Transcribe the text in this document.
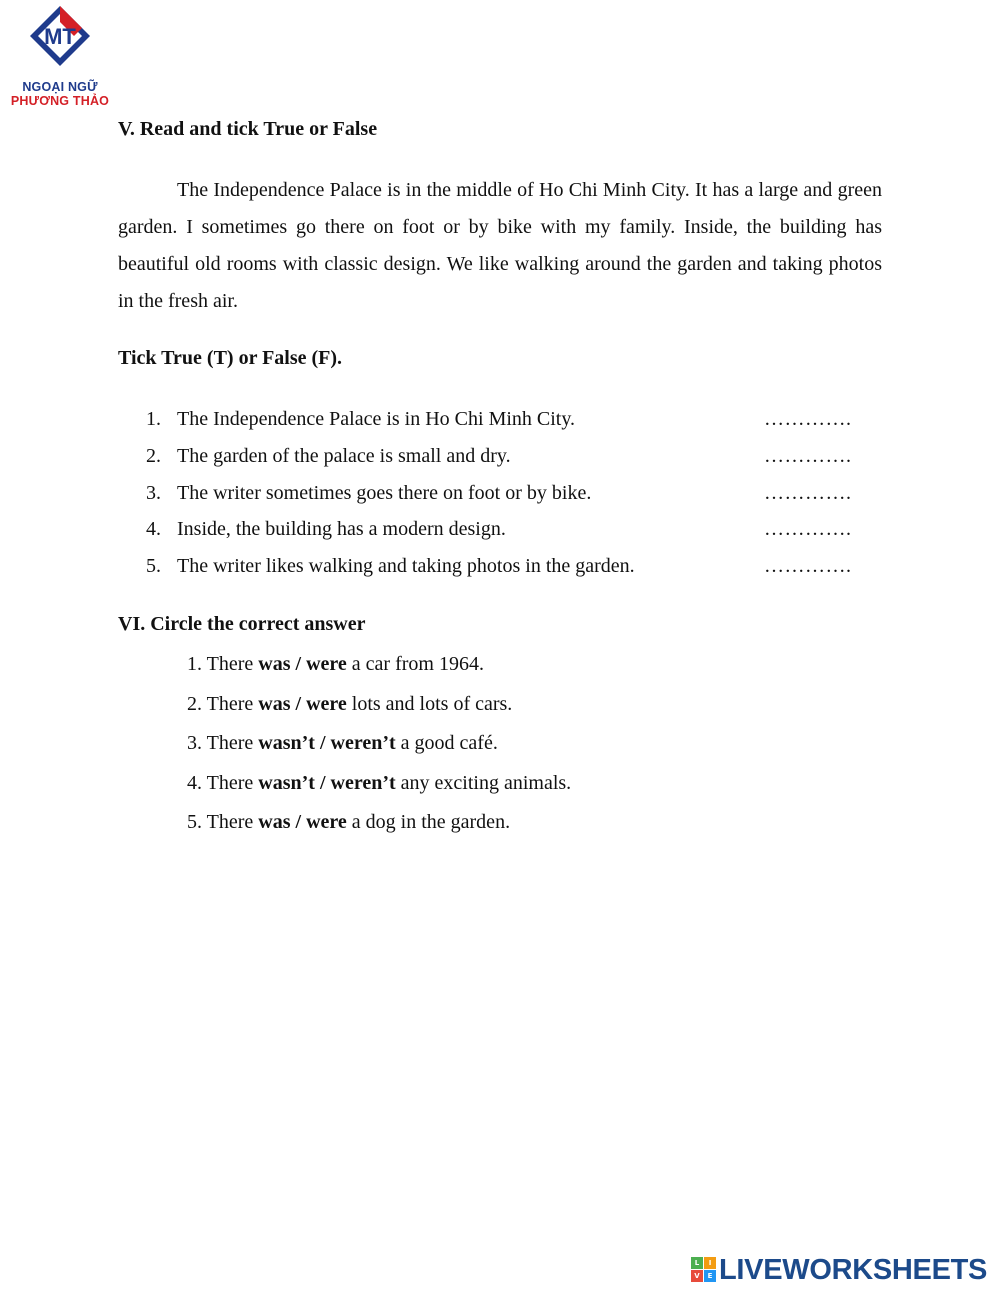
MT
NGOẠI NGỮ
PHƯƠNG THẢO
V. Read and tick True or False

The Independence Palace is in the middle of Ho Chi Minh City. It has a large and green garden. I sometimes go there on foot or by bike with my family. Inside, the building has beautiful old rooms with classic design. We like walking around the garden and taking photos in the fresh air.

Tick True (T) or False (F).
1. The Independence Palace is in Ho Chi Minh City.	………….
2. The garden of the palace is small and dry.	………….
3. The writer sometimes goes there on foot or by bike.	………….
4. Inside, the building has a modern design.	………….
5. The writer likes walking and taking photos in the garden.	………….
VI. Circle the correct answer
1. There was / were a car from 1964.
2. There was / were lots and lots of cars.
3. There wasn’t / weren’t a good café.
4. There wasn’t / weren’t any exciting animals.
5. There was / were a dog in the garden.
L	I
V	E LIVEWORKSHEETS
